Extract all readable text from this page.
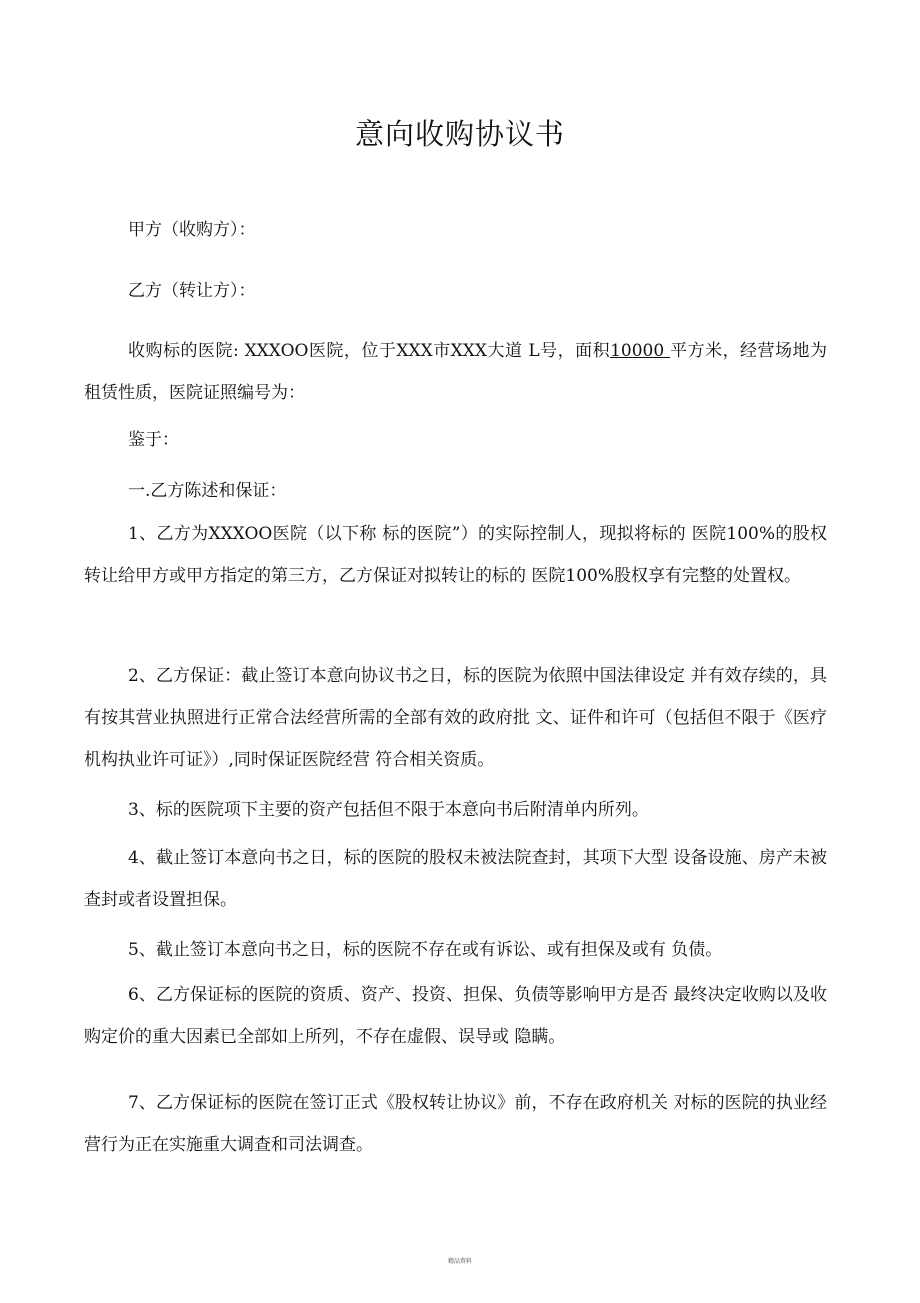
意向收购协议书

甲方（收购方）：

乙方（转让方）：

收购标的医院: XXXOO医院，位于XXX市XXX大道 L号，面积10000 平方米，经营场地为租赁性质，医院证照编号为：

鉴于：

一.乙方陈述和保证：

1、乙方为XXXOO医院（以下称 标的医院”）的实际控制人，现拟将标的 医院100%的股权转让给甲方或甲方指定的第三方，乙方保证对拟转让的标的 医院100%股权享有完整的处置权。

2、乙方保证：截止签订本意向协议书之日，标的医院为依照中国法律设定 并有效存续的，具有按其营业执照进行正常合法经营所需的全部有效的政府批 文、证件和许可（包括但不限于《医疗机构执业许可证》）,同时保证医院经营 符合相关资质。

3、标的医院项下主要的资产包括但不限于本意向书后附清单内所列。

4、截止签订本意向书之日，标的医院的股权未被法院查封，其项下大型 设备设施、房产未被查封或者设置担保。

5、截止签订本意向书之日，标的医院不存在或有诉讼、或有担保及或有 负债。

6、乙方保证标的医院的资质、资产、投资、担保、负债等影响甲方是否 最终决定收购以及收购定价的重大因素已全部如上所列，不存在虚假、误导或 隐瞒。

7、乙方保证标的医院在签订正式《股权转让协议》前，不存在政府机关 对标的医院的执业经营行为正在实施重大调查和司法调查。

精品资料
